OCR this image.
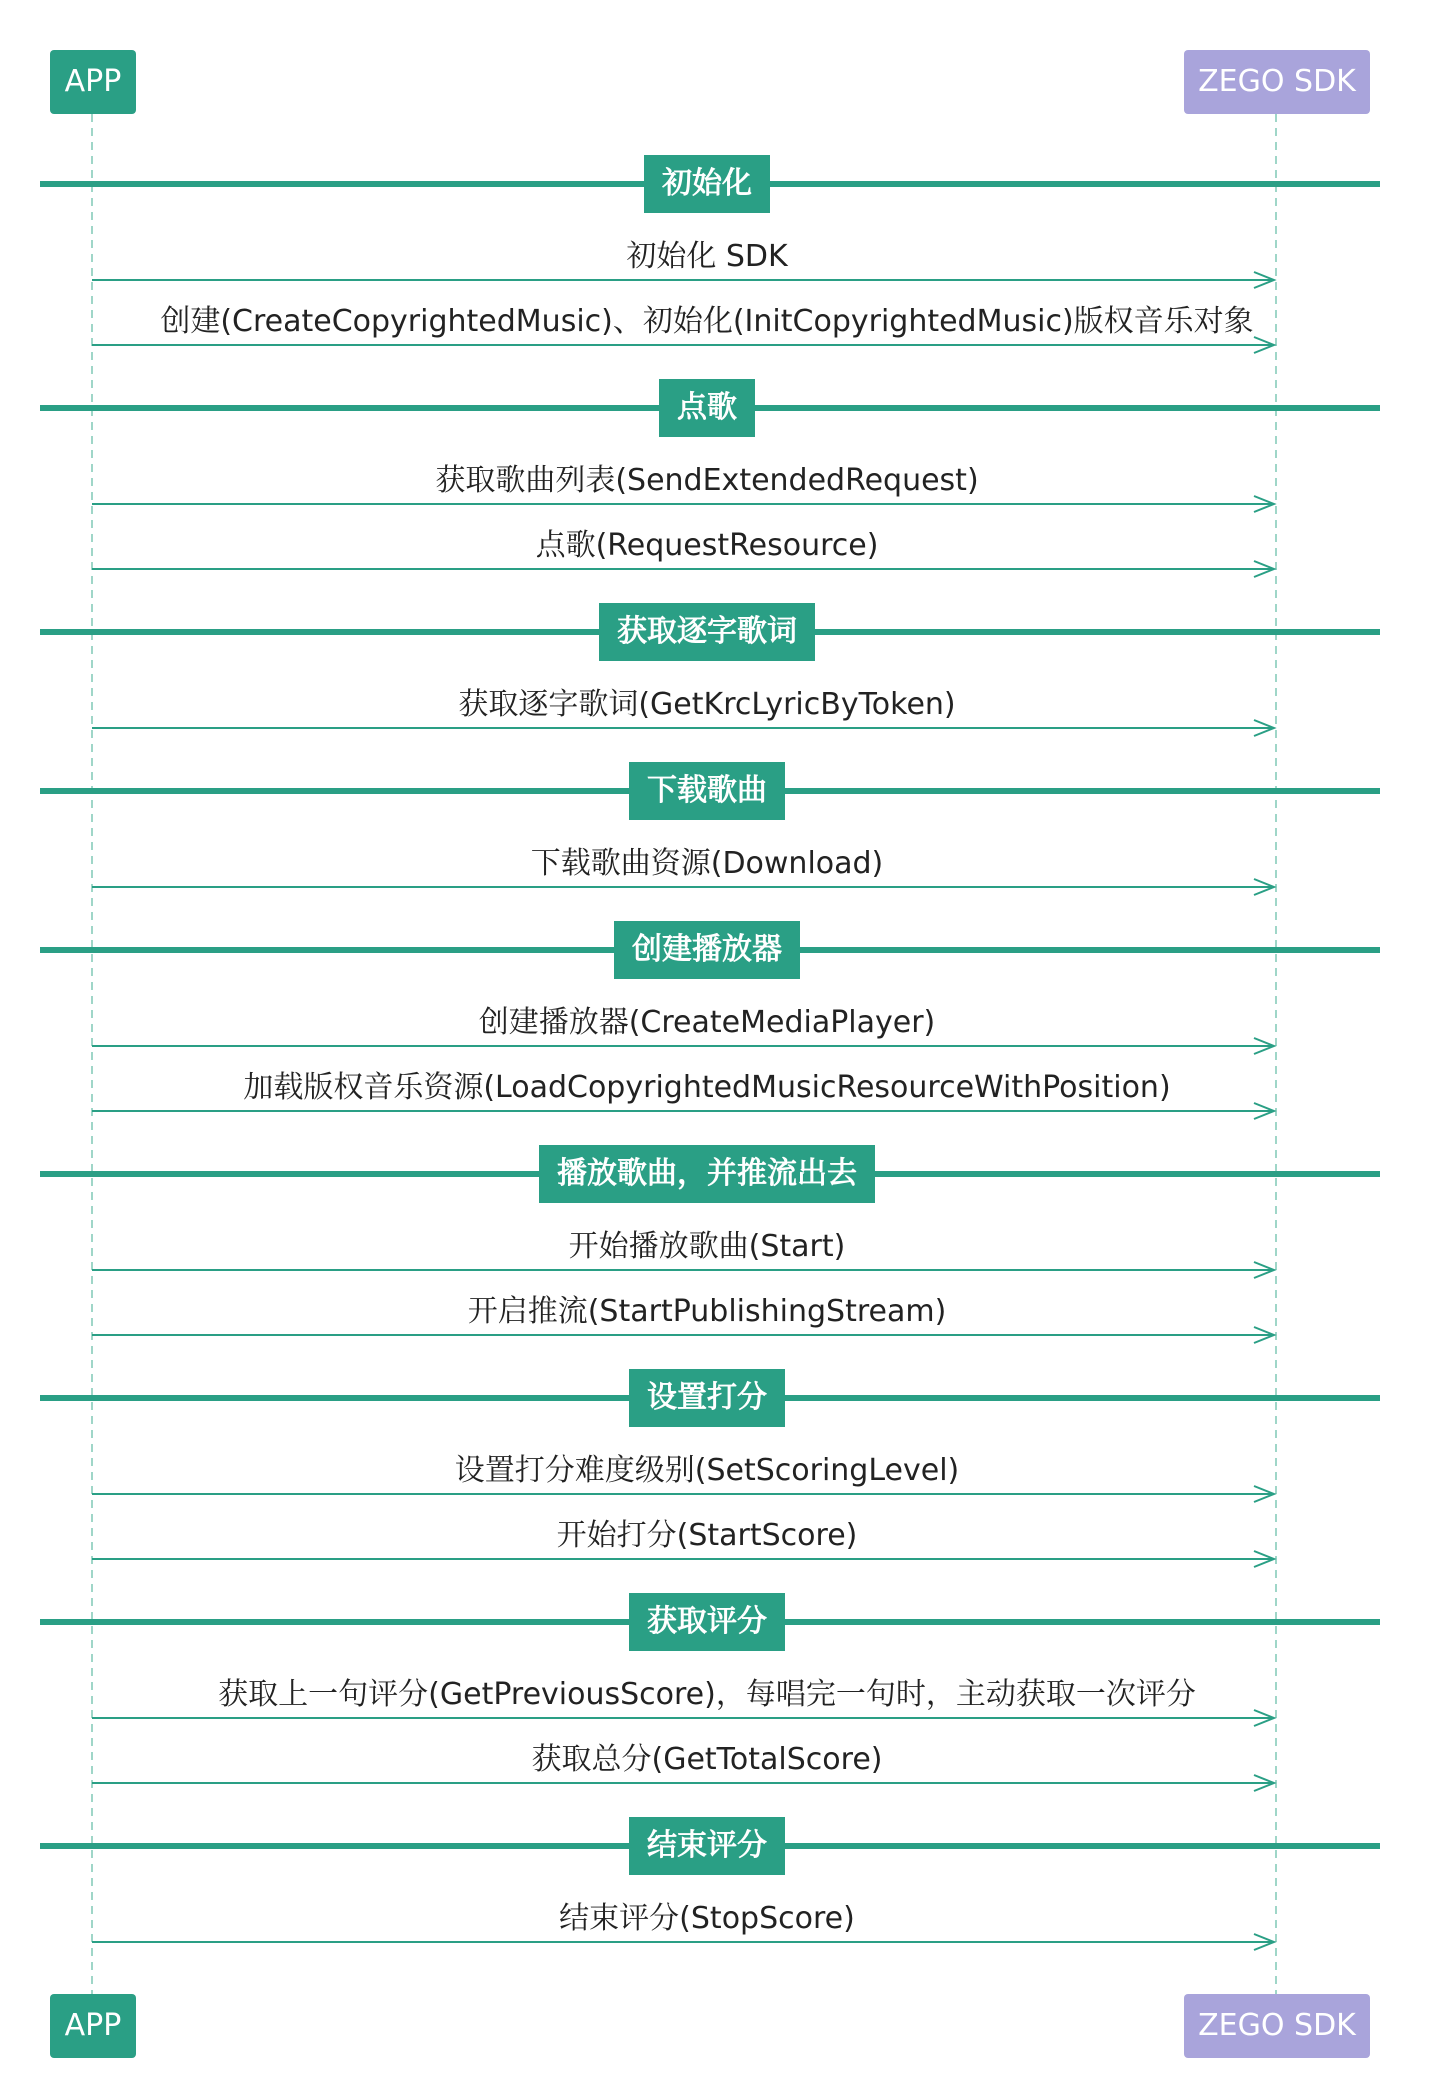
APP	ZEGO SDK
初始化
初始化 SDK
创建(CreateCopyrightedMusic)、初始化(InitCopyrightedMusic)版权音乐对象
点歌
获取歌曲列表(SendExtendedRequest)
点歌(RequestResource)
获取逐字歌词
获取逐字歌词(GetKrcLyricByToken)
下载歌曲
下载歌曲资源(Download)
创建播放器
创建播放器(CreateMediaPlayer)
加载版权音乐资源(LoadCopyrightedMusicResourceWithPosition)
播放歌曲，并推流出去
开始播放歌曲(Start)
开启推流(StartPublishingStream)
设置打分
设置打分难度级别(SetScoringLevel)
开始打分(StartScore)
获取评分
获取上一句评分(GetPreviousScore)，每唱完一句时，主动获取一次评分
获取总分(GetTotalScore)
结束评分
结束评分(StopScore)
APP	ZEGO SDK
